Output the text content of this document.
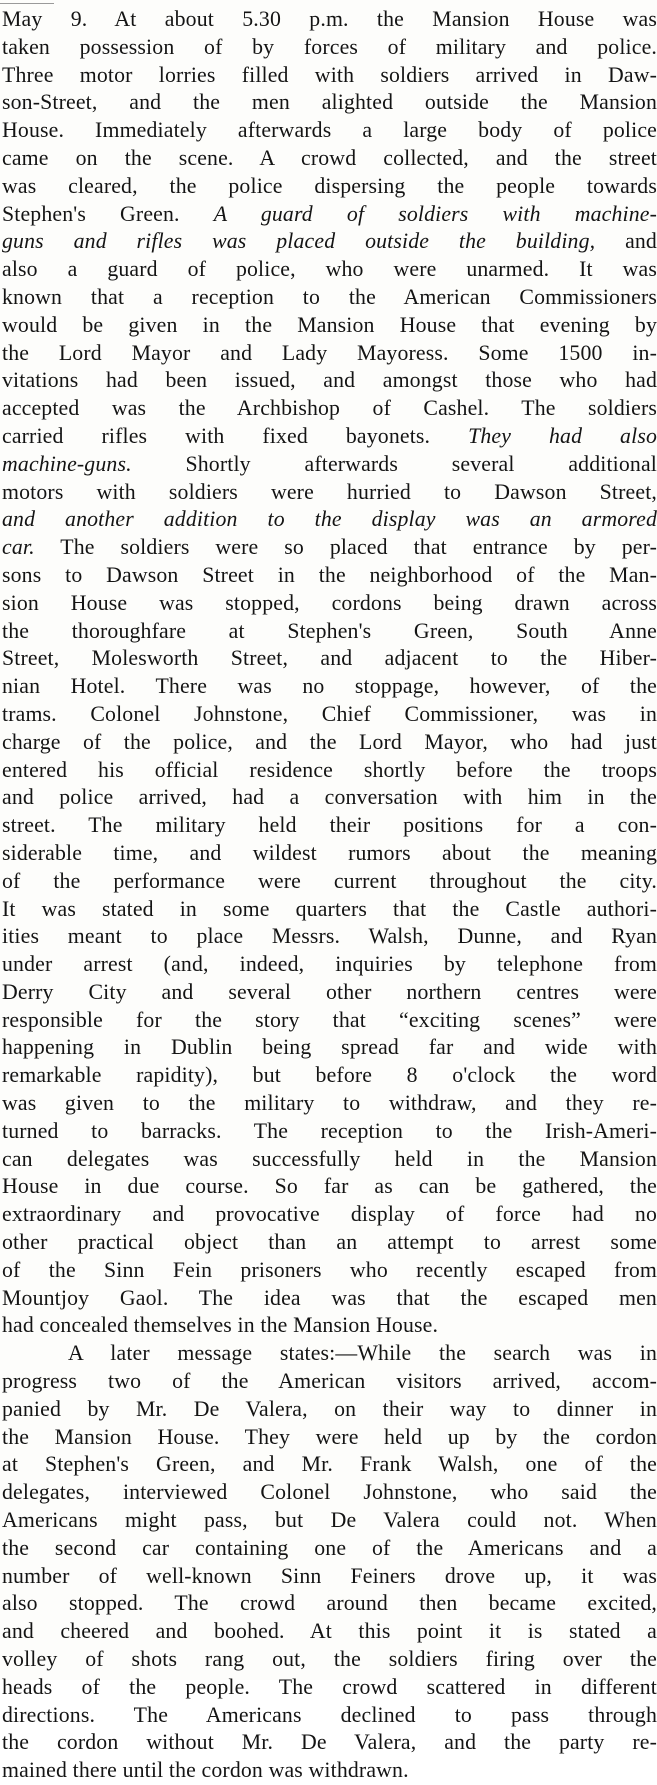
May 9. At about 5.30 p.m. the Mansion House was
taken possession of by forces of military and police.
Three motor lorries filled with soldiers arrived in Daw-
son-Street, and the men alighted outside the Mansion
House. Immediately afterwards a large body of police
came on the scene. A crowd collected, and the street
was cleared, the police dispersing the people towards
Stephen's Green. A guard of soldiers with machine-
guns and rifles was placed outside the building, and
also a guard of police, who were unarmed. It was
known that a reception to the American Commissioners
would be given in the Mansion House that evening by
the Lord Mayor and Lady Mayoress. Some 1500 in-
vitations had been issued, and amongst those who had
accepted was the Archbishop of Cashel. The soldiers
carried rifles with fixed bayonets. They had also
machine-guns. Shortly afterwards several additional
motors with soldiers were hurried to Dawson Street,
and another addition to the display was an armored
car. The soldiers were so placed that entrance by per-
sons to Dawson Street in the neighborhood of the Man-
sion House was stopped, cordons being drawn across
the thoroughfare at Stephen's Green, South Anne
Street, Molesworth Street, and adjacent to the Hiber-
nian Hotel. There was no stoppage, however, of the
trams. Colonel Johnstone, Chief Commissioner, was in
charge of the police, and the Lord Mayor, who had just
entered his official residence shortly before the troops
and police arrived, had a conversation with him in the
street. The military held their positions for a con-
siderable time, and wildest rumors about the meaning
of the performance were current throughout the city.
It was stated in some quarters that the Castle authori-
ities meant to place Messrs. Walsh, Dunne, and Ryan
under arrest (and, indeed, inquiries by telephone from
Derry City and several other northern centres were
responsible for the story that “exciting scenes” were
happening in Dublin being spread far and wide with
remarkable rapidity), but before 8 o'clock the word
was given to the military to withdraw, and they re-
turned to barracks. The reception to the Irish-Ameri-
can delegates was successfully held in the Mansion
House in due course. So far as can be gathered, the
extraordinary and provocative display of force had no
other practical object than an attempt to arrest some
of the Sinn Fein prisoners who recently escaped from
Mountjoy Gaol. The idea was that the escaped men
had concealed themselves in the Mansion House.
A later message states:—While the search was in
progress two of the American visitors arrived, accom-
panied by Mr. De Valera, on their way to dinner in
the Mansion House. They were held up by the cordon
at Stephen's Green, and Mr. Frank Walsh, one of the
delegates, interviewed Colonel Johnstone, who said the
Americans might pass, but De Valera could not. When
the second car containing one of the Americans and a
number of well-known Sinn Feiners drove up, it was
also stopped. The crowd around then became excited,
and cheered and boohed. At this point it is stated a
volley of shots rang out, the soldiers firing over the
heads of the people. The crowd scattered in different
directions. The Americans declined to pass through
the cordon without Mr. De Valera, and the party re-
mained there until the cordon was withdrawn.
